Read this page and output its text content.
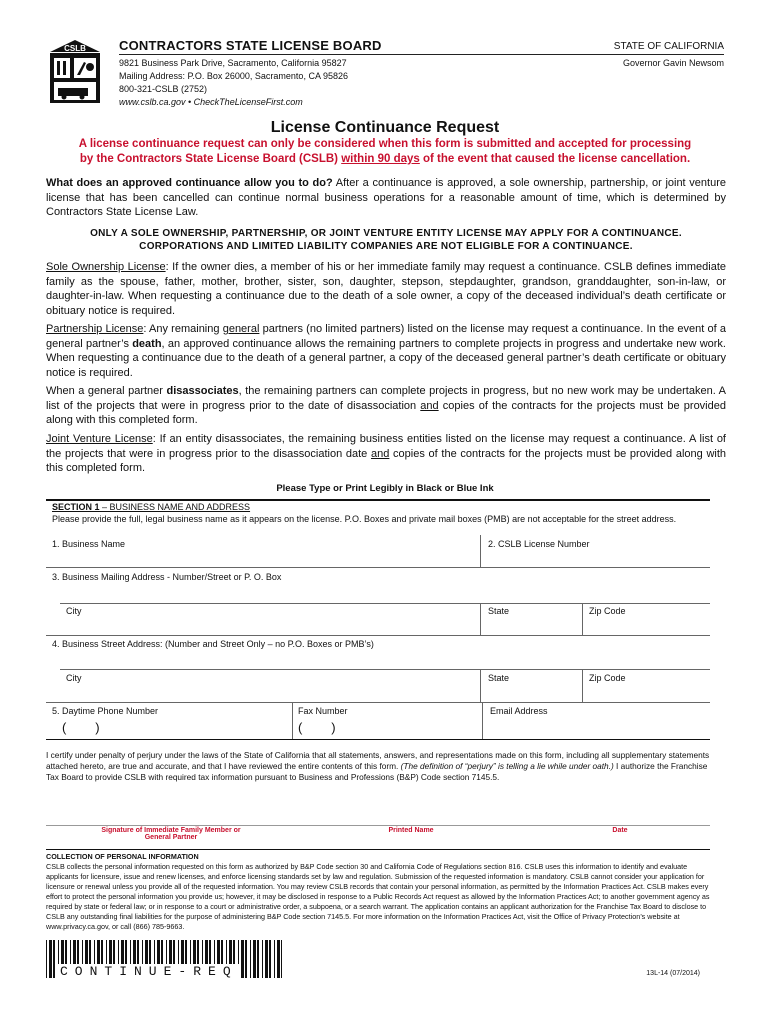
CSLB	CONTRACTORS STATE LICENSE BOARD	STATE OF CALIFORNIA
Governor Gavin Newsom
9821 Business Park Drive, Sacramento, California 95827
Mailing Address: P.O. Box 26000, Sacramento, CA 95826
800-321-CSLB (2752)
www.cslb.ca.gov • CheckTheLicenseFirst.com
License Continuance Request
A license continuance request can only be considered when this form is submitted and accepted for processing
by the Contractors State License Board (CSLB) within 90 days of the event that caused the license cancellation.
What does an approved continuance allow you to do? After a continuance is approved, a sole ownership, partnership, or joint venture license that has been cancelled can continue normal business operations for a reasonable amount of time, which is determined by Contractors State License Law.
ONLY A SOLE OWNERSHIP, PARTNERSHIP, OR JOINT VENTURE ENTITY LICENSE MAY APPLY FOR A CONTINUANCE.
CORPORATIONS AND LIMITED LIABILITY COMPANIES ARE NOT ELIGIBLE FOR A CONTINUANCE.
Sole Ownership License: If the owner dies, a member of his or her immediate family may request a continuance. CSLB defines immediate family as the spouse, father, mother, brother, sister, son, daughter, stepson, stepdaughter, grandson, granddaughter, son-in-law, or daughter-in-law. When requesting a continuance due to the death of a sole owner, a copy of the deceased individual’s death certificate or obituary notice is required.
Partnership License: Any remaining general partners (no limited partners) listed on the license may request a continuance. In the event of a general partner’s death, an approved continuance allows the remaining partners to complete projects in progress and undertake new work. When requesting a continuance due to the death of a general partner, a copy of the deceased general partner’s death certificate or obituary notice is required.
When a general partner disassociates, the remaining partners can complete projects in progress, but no new work may be undertaken. A list of the projects that were in progress prior to the date of disassociation and copies of the contracts for the projects must be provided along with this completed form.
Joint Venture License: If an entity disassociates, the remaining business entities listed on the license may request a continuance. A list of the projects that were in progress prior to the disassociation date and copies of the contracts for the projects must be provided along with this completed form.
Please Type or Print Legibly in Black or Blue Ink
SECTION 1 – BUSINESS NAME AND ADDRESS
Please provide the full, legal business name as it appears on the license. P.O. Boxes and private mail boxes (PMB) are not acceptable for the street address.
1. Business Name	2. CSLB License Number
3. Business Mailing Address - Number/Street or P. O. Box
City	State	Zip Code
4. Business Street Address: (Number and Street Only – no P.O. Boxes or PMB’s)
City	State	Zip Code
5. Daytime Phone Number	Fax Number	Email Address
(        )	(        )
I certify under penalty of perjury under the laws of the State of California that all statements, answers, and representations made on this form, including all supplementary statements attached hereto, are true and accurate, and that I have reviewed the entire contents of this form. (The definition of “perjury” is telling a lie while under oath.) I authorize the Franchise Tax Board to provide CSLB with required tax information pursuant to Business and Professions (B&P) Code section 7145.5.
Signature of Immediate Family Member or General Partner
Printed Name	Date
COLLECTION OF PERSONAL INFORMATION
CSLB collects the personal information requested on this form as authorized by B&P Code section 30 and California Code of Regulations section 816. CSLB uses this information to identify and evaluate applicants for licensure, issue and renew licenses, and enforce licensing standards set by law and regulation. Submission of the requested information is mandatory. CSLB cannot consider your application for licensure or renewal unless you provide all of the requested information. You may review CSLB records that contain your personal information, as permitted by the Information Practices Act. CSLB makes every effort to protect the personal information you provide us; however, it may be disclosed in response to a Public Records Act request as allowed by the Information Practices Act; to another government agency as required by state or federal law; or in response to a court or administrative order, a subpoena, or a search warrant. The application contains an applicant authorization for the Franchise Tax Board to disclose to CSLB any outstanding final liabilities for the purpose of administering B&P Code section 7145.5. For more information on the Information Practices Act, visit the Office of Privacy Protection’s website at www.privacy.ca.gov, or call (866) 785-9663.
CONTINUE-REQ	13L-14 (07/2014)
